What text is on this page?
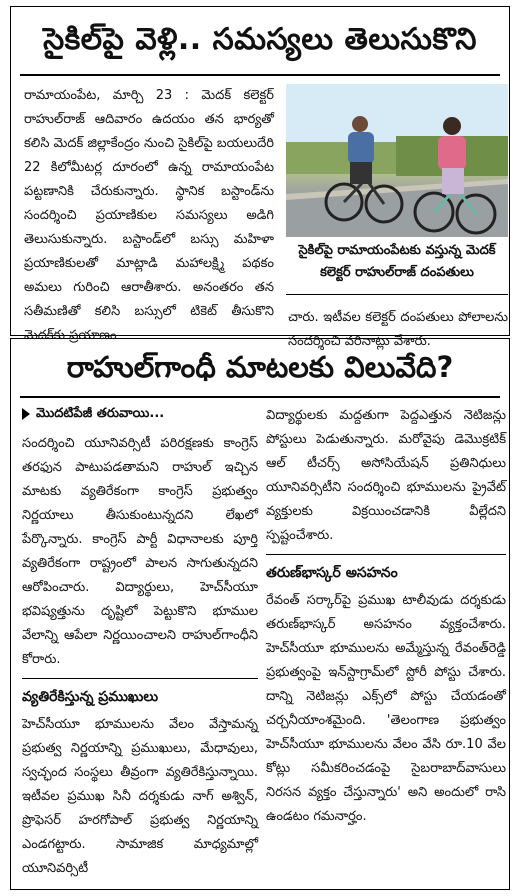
సైకిల్‌పై వెళ్లి.. సమస్యలు తెలుసుకొని

రామాయంపేట, మార్చి 23 : మెదక్ కలెక్టర్ రాహుల్‌రాజ్ ఆదివారం ఉదయం తన భార్యతో కలిసి మెదక్ జిల్లాకేంద్రం నుంచి సైకిల్‌పై బయలుదేరి 22 కిలోమీటర్ల దూరంలో ఉన్న రామాయంపేట పట్టణానికి చేరుకున్నారు. స్థానిక బస్టాండ్‌ను సందర్శించి ప్రయాణికుల సమస్యలు అడిగి తెలుసుకున్నారు. బస్టాండ్‌లో బస్సు మహిళా ప్రయాణికులతో మాట్లాడి మహాలక్ష్మి పథకం అమలు గురించి ఆరాతీశారు. అనంతరం తన సతీమణితో కలిసి బస్సులో టికెట్ తీసుకొని మెదక్‌కు ప్రయాణం

సైకిల్‌పై రామాయంపేటకు వస్తున్న మెదక్ కలెక్టర్ రాహుల్‌రాజ్ దంపతులు

చారు. ఇటీవల కలెక్టర్ దంపతులు పోలాలను సందర్శించి వరినాట్లు వేశారు.

రాహుల్‌గాంధీ మాటలకు విలువేది?
మొదటిపేజీ తరువాయి...

సందర్శించి యూనివర్సిటీ పరిరక్షణకు కాంగ్రెస్ తరఫున పాటుపడతామని రాహుల్ ఇచ్చిన మాటకు వ్యతిరేకంగా కాంగ్రెస్ ప్రభుత్వం నిర్ణయాలు తీసుకుంటున్నదని లేఖలో పేర్కొన్నారు. కాంగ్రెస్ పార్టీ విధానాలకు పూర్తి వ్యతిరేకంగా రాష్ట్రంలో పాలన సాగుతున్నదని ఆరోపించారు. విద్యార్థులు, హెచ్‌సీయూ భవిష్యత్తును దృష్టిలో పెట్టుకొని భూముల వేలాన్ని ఆపేలా నిర్ణయించాలని రాహుల్‌గాంధీని కోరారు.

వ్యతిరేకిస్తున్న ప్రముఖులు

హెచ్‌సీయూ భూములను వేలం వేస్తామన్న ప్రభుత్వ నిర్ణయాన్ని ప్రముఖులు, మేధావులు, స్వచ్ఛంద సంస్థలు తీవ్రంగా వ్యతిరేకిస్తున్నాయి. ఇటీవల ప్రముఖ సినీ దర్శకుడు నాగ్ అశ్విన్, ప్రొఫెసర్ హరగోపాల్ ప్రభుత్వ నిర్ణయాన్ని ఎండగట్టారు. సామాజిక మాధ్యమాల్లో యూనివర్సిటీ

విద్యార్థులకు మద్దతుగా పెద్దఎత్తున నెటిజన్లు పోస్టులు పెడుతున్నారు. మరోవైపు డెమొక్రటిక్ ఆల్ టీచర్స్ అసోసియేషన్ ప్రతినిధులు యూనివర్సిటీని సందర్శించి భూములను ప్రైవేట్ వ్యక్తులకు విక్రయించడానికి వీల్లేదని స్పష్టంచేశారు.

తరుణ్‌భాస్కర్ అసహనం

రేవంత్ సర్కార్‌పై ప్రముఖ టాలీవుడు దర్శకుడు తరుణ్‌భాస్కర్ అసహనం వ్యక్తంచేశారు. హెచ్‌సీయూ భూములను అమ్మేస్తున్న రేవంత్‌రెడ్డి ప్రభుత్వంపై ఇన్‌స్టాగ్రామ్‌లో స్టోరీ పోస్టు చేశారు. దాన్ని నెటిజన్లు ఎక్స్‌లో పోస్టు చేయడంతో చర్చనీయాంశమైంది. 'తెలంగాణ ప్రభుత్వం హెచ్‌సీయూ భూములను వేలం వేసి రూ.10 వేల కోట్లు సమీకరించడంపై సైబరాబాద్‌వాసులు నిరసన వ్యక్తం చేస్తున్నారు' అని అందులో రాసి ఉండటం గమనార్హం.
